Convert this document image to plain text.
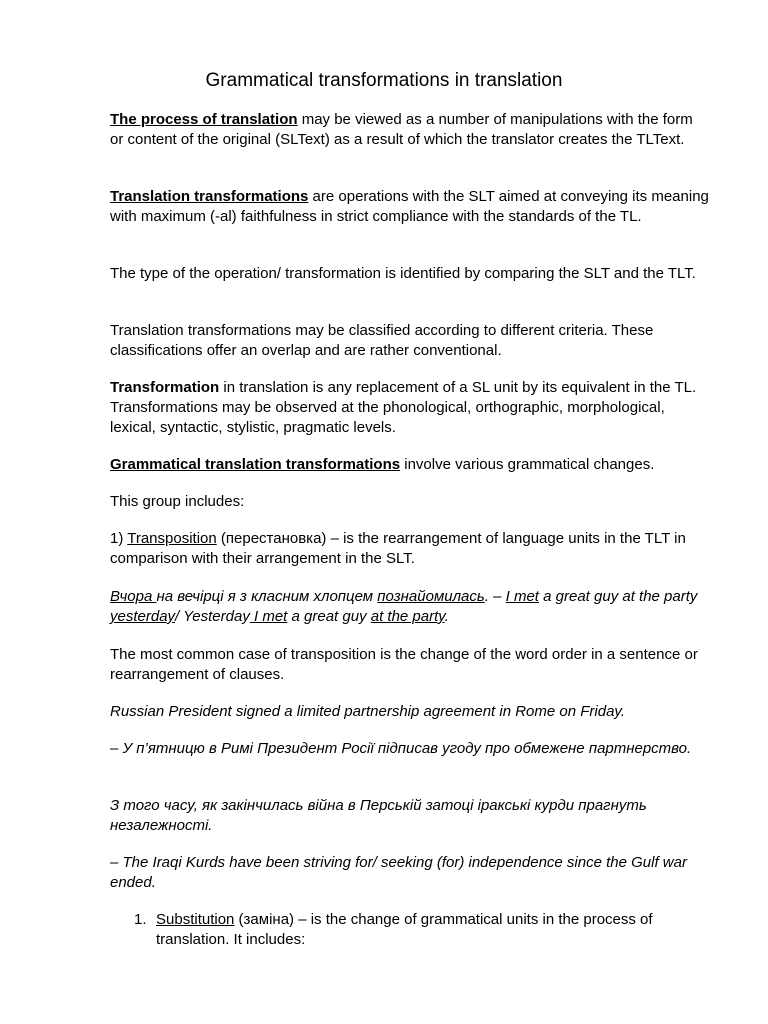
Grammatical transformations in translation

The process of translation may be viewed as a number of manipulations with the form or content of the original (SLText) as a result of which the translator creates the TLText.

Translation transformations are operations with the SLT aimed at conveying its meaning with maximum (-al) faithfulness in strict compliance with the standards of the TL.

The type of the operation/ transformation is identified by comparing the SLT and the TLT.

Translation transformations may be classified according to different criteria. These classifications offer an overlap and are rather conventional.

Transformation in translation is any replacement of a SL unit by its equivalent in the TL. Transformations may be observed at the phonological, orthographic, morphological, lexical, syntactic, stylistic, pragmatic levels.

Grammatical translation transformations involve various grammatical changes.

This group includes:

1) Transposition (перестановка) – is the rearrangement of language units in the TLT in comparison with their arrangement in the SLT.

Вчора на вечірці я з класним хлопцем познайомилась. – I met a great guy at the party yesterday/ Yesterday I met a great guy at the party.

The most common case of transposition is the change of the word order in a sentence or rearrangement of clauses.

Russian President signed a limited partnership agreement in Rome on Friday.

– У п’ятницю в Римі Президент Росії підписав угоду про обмежене партнерство.

З того часу, як закінчилась війна в Перській затоці іракські курди прагнуть незалежності.

– The Iraqi Kurds have been striving for/ seeking (for) independence since the Gulf war ended.

1. Substitution (заміна) – is the change of grammatical units in the process of translation. It includes:
